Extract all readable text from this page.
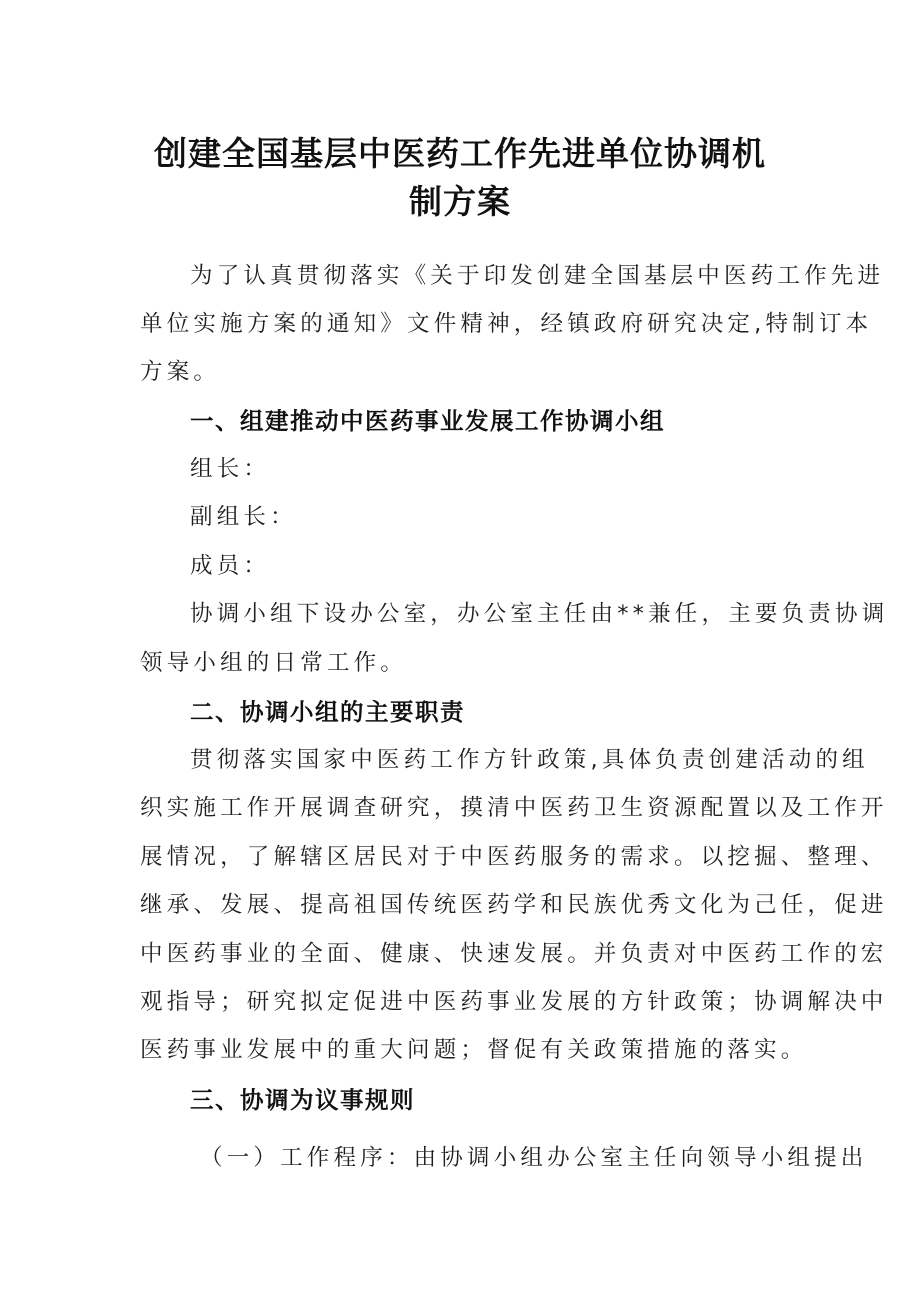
创建全国基层中医药工作先进单位协调机
制方案

为了认真贯彻落实《关于印发创建全国基层中医药工作先进

单位实施方案的通知》文件精神，经镇政府研究决定,特制订本

方案。

一、组建推动中医药事业发展工作协调小组

组长：

副组长：

成员：

协调小组下设办公室，办公室主任由**兼任，主要负责协调

领导小组的日常工作。

二、协调小组的主要职责

贯彻落实国家中医药工作方针政策,具体负责创建活动的组

织实施工作开展调查研究，摸清中医药卫生资源配置以及工作开

展情况，了解辖区居民对于中医药服务的需求。以挖掘、整理、

继承、发展、提高祖国传统医药学和民族优秀文化为己任，促进

中医药事业的全面、健康、快速发展。并负责对中医药工作的宏

观指导；研究拟定促进中医药事业发展的方针政策；协调解决中

医药事业发展中的重大问题；督促有关政策措施的落实。

三、协调为议事规则

（一）工作程序：由协调小组办公室主任向领导小组提出
